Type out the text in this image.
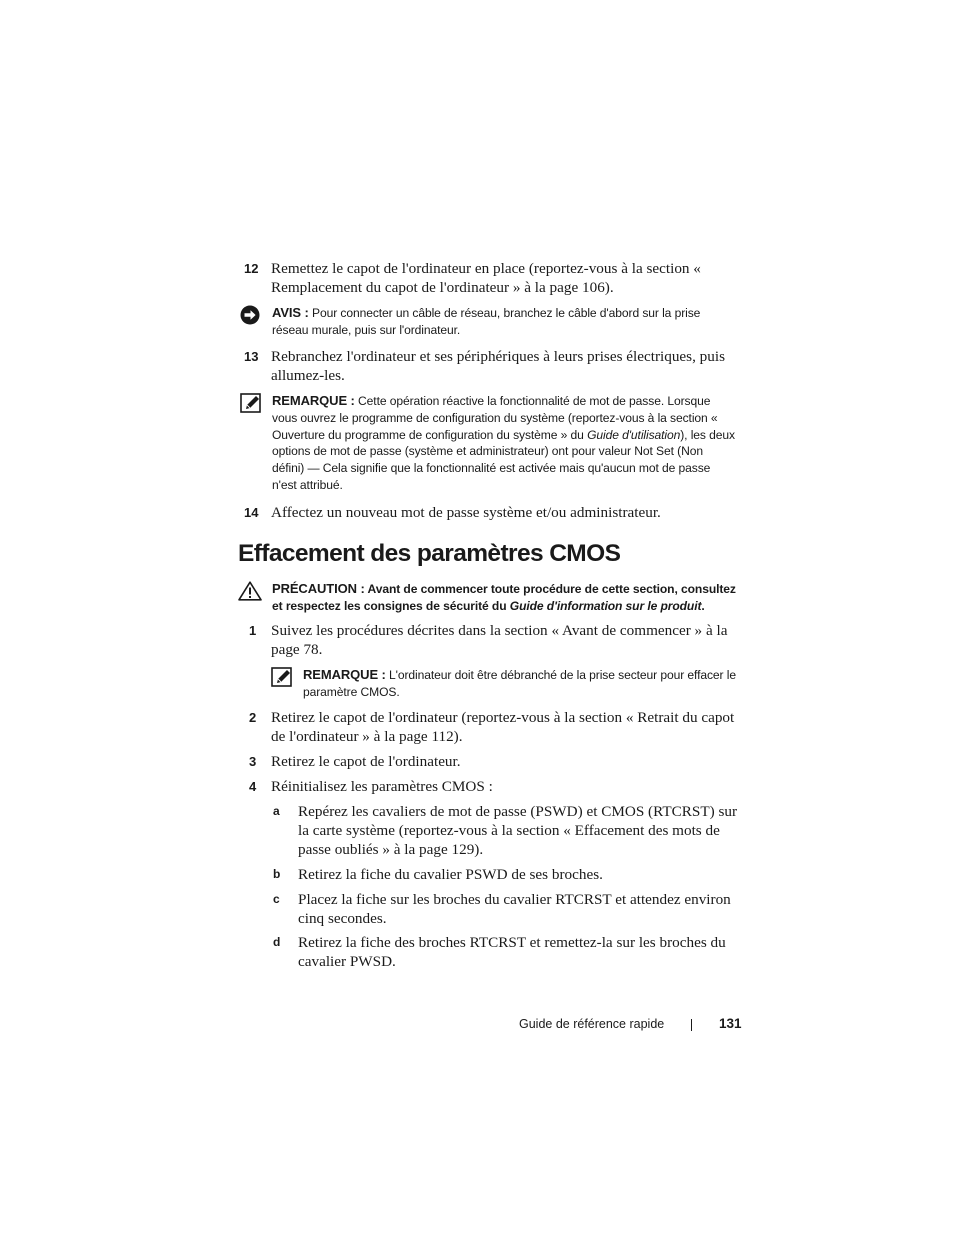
12 Remettez le capot de l'ordinateur en place (reportez-vous à la section « Remplacement du capot de l'ordinateur » à la page 106).
AVIS : Pour connecter un câble de réseau, branchez le câble d'abord sur la prise réseau murale, puis sur l'ordinateur.
13 Rebranchez l'ordinateur et ses périphériques à leurs prises électriques, puis allumez-les.
REMARQUE : Cette opération réactive la fonctionnalité de mot de passe. Lorsque vous ouvrez le programme de configuration du système (reportez-vous à la section « Ouverture du programme de configuration du système » du Guide d'utilisation), les deux options de mot de passe (système et administrateur) ont pour valeur Not Set (Non défini) — Cela signifie que la fonctionnalité est activée mais qu'aucun mot de passe n'est attribué.
14 Affectez un nouveau mot de passe système et/ou administrateur.
Effacement des paramètres CMOS
PRÉCAUTION : Avant de commencer toute procédure de cette section, consultez et respectez les consignes de sécurité du Guide d'information sur le produit.
1 Suivez les procédures décrites dans la section « Avant de commencer » à la page 78.
REMARQUE : L'ordinateur doit être débranché de la prise secteur pour effacer le paramètre CMOS.
2 Retirez le capot de l'ordinateur (reportez-vous à la section « Retrait du capot de l'ordinateur » à la page 112).
3 Retirez le capot de l'ordinateur.
4 Réinitialisez les paramètres CMOS :
a Repérez les cavaliers de mot de passe (PSWD) et CMOS (RTCRST) sur la carte système (reportez-vous à la section « Effacement des mots de passe oubliés » à la page 129).
b Retirez la fiche du cavalier PSWD de ses broches.
c Placez la fiche sur les broches du cavalier RTCRST et attendez environ cinq secondes.
d Retirez la fiche des broches RTCRST et remettez-la sur les broches du cavalier PWSD.
Guide de référence rapide	131
